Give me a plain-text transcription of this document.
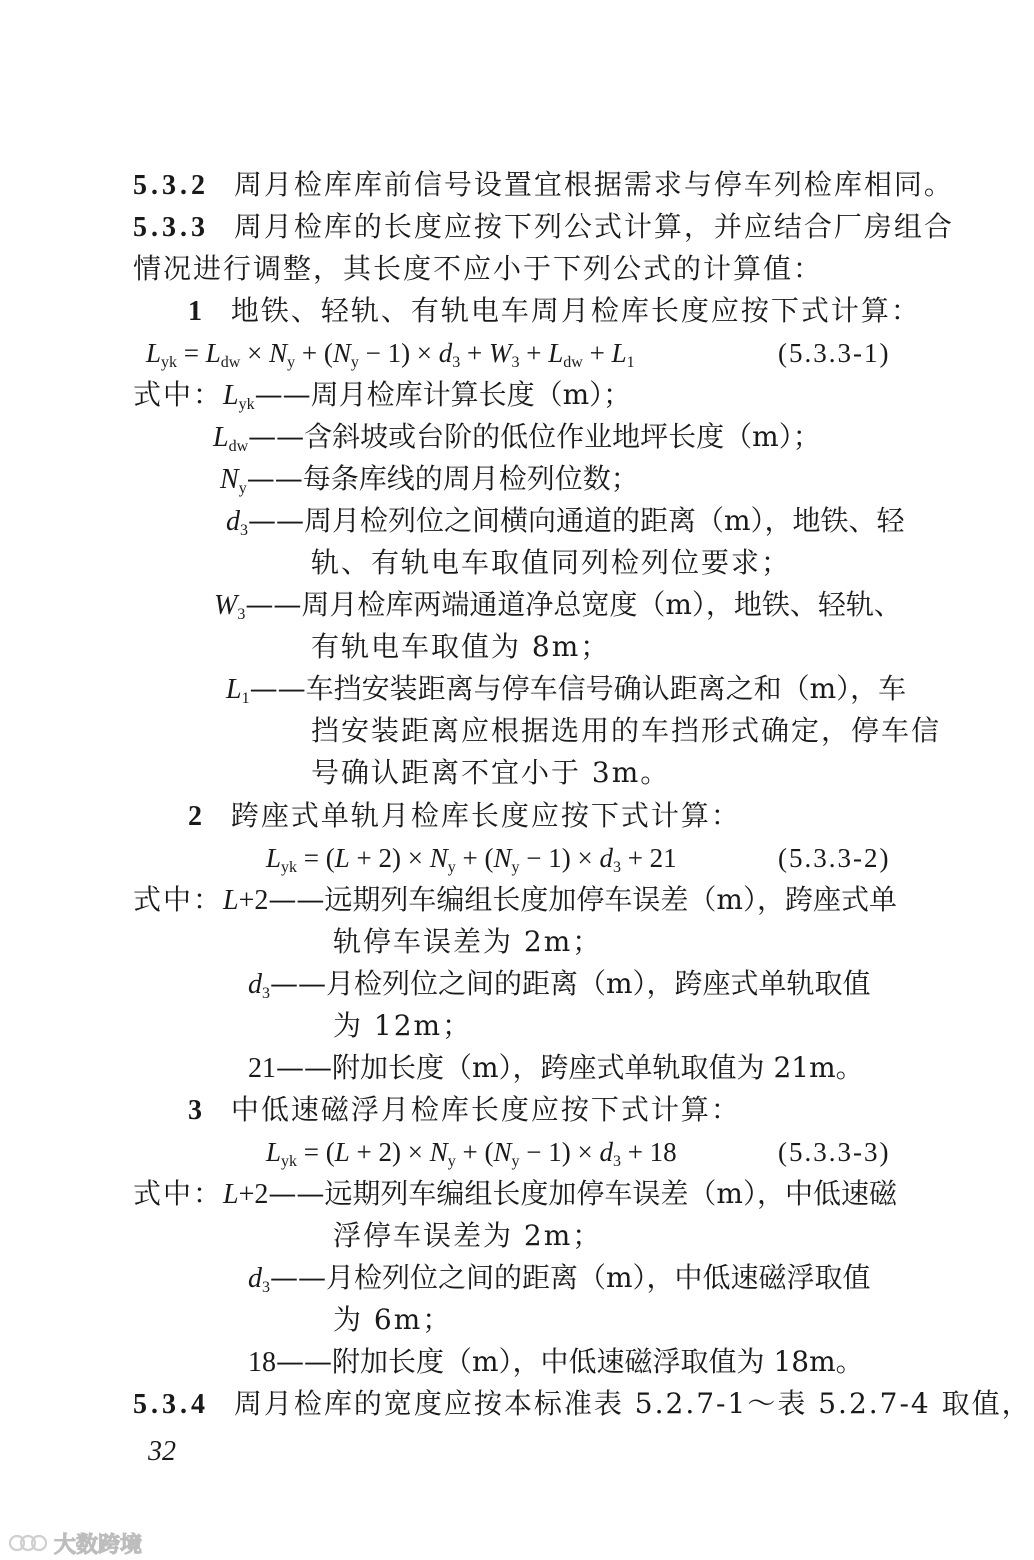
5.3.2 周月检库库前信号设置宜根据需求与停车列检库相同。
5.3.3 周月检库的长度应按下列公式计算，并应结合厂房组合
情况进行调整，其长度不应小于下列公式的计算值：
1 地铁、轻轨、有轨电车周月检库长度应按下式计算：
$L_{yk} = L_{dw} \times N_y + (N_y - 1) \times d_3 + W_3 + L_{dw} + L_1$	(5.3.3-1)
式中：$L_{yk}——$周月检库计算长度（m）；
$L_{dw}——$含斜坡或台阶的低位作业地坪长度（m）；
$N_y——$每条库线的周月检列位数；
$d_3——$周月检列位之间横向通道的距离（m），地铁、轻
轨、有轨电车取值同列检列位要求；
$W_3——$周月检库两端通道净总宽度（m），地铁、轻轨、
有轨电车取值为 8m；
$L_1——$车挡安装距离与停车信号确认距离之和（m），车
挡安装距离应根据选用的车挡形式确定，停车信
号确认距离不宜小于 3m。
2 跨座式单轨月检库长度应按下式计算：
$L_{yk} = (L + 2) \times N_y + (N_y - 1) \times d_3 + 21$	(5.3.3-2)
式中：L+2——远期列车编组长度加停车误差（m），跨座式单
轨停车误差为 2m；
$d_3——$月检列位之间的距离（m），跨座式单轨取值
为 12m；
21——附加长度（m），跨座式单轨取值为 21m。
3 中低速磁浮月检库长度应按下式计算：
$L_{yk} = (L + 2) \times N_y + (N_y - 1) \times d_3 + 18$	(5.3.3-3)
式中：L+2——远期列车编组长度加停车误差（m），中低速磁
浮停车误差为 2m；
$d_3——$月检列位之间的距离（m），中低速磁浮取值
为 6m；
18——附加长度（m），中低速磁浮取值为 18m。
5.3.4 周月检库的宽度应按本标准表 5.2.7-1～表 5.2.7-4 取值，
32
大数跨境
